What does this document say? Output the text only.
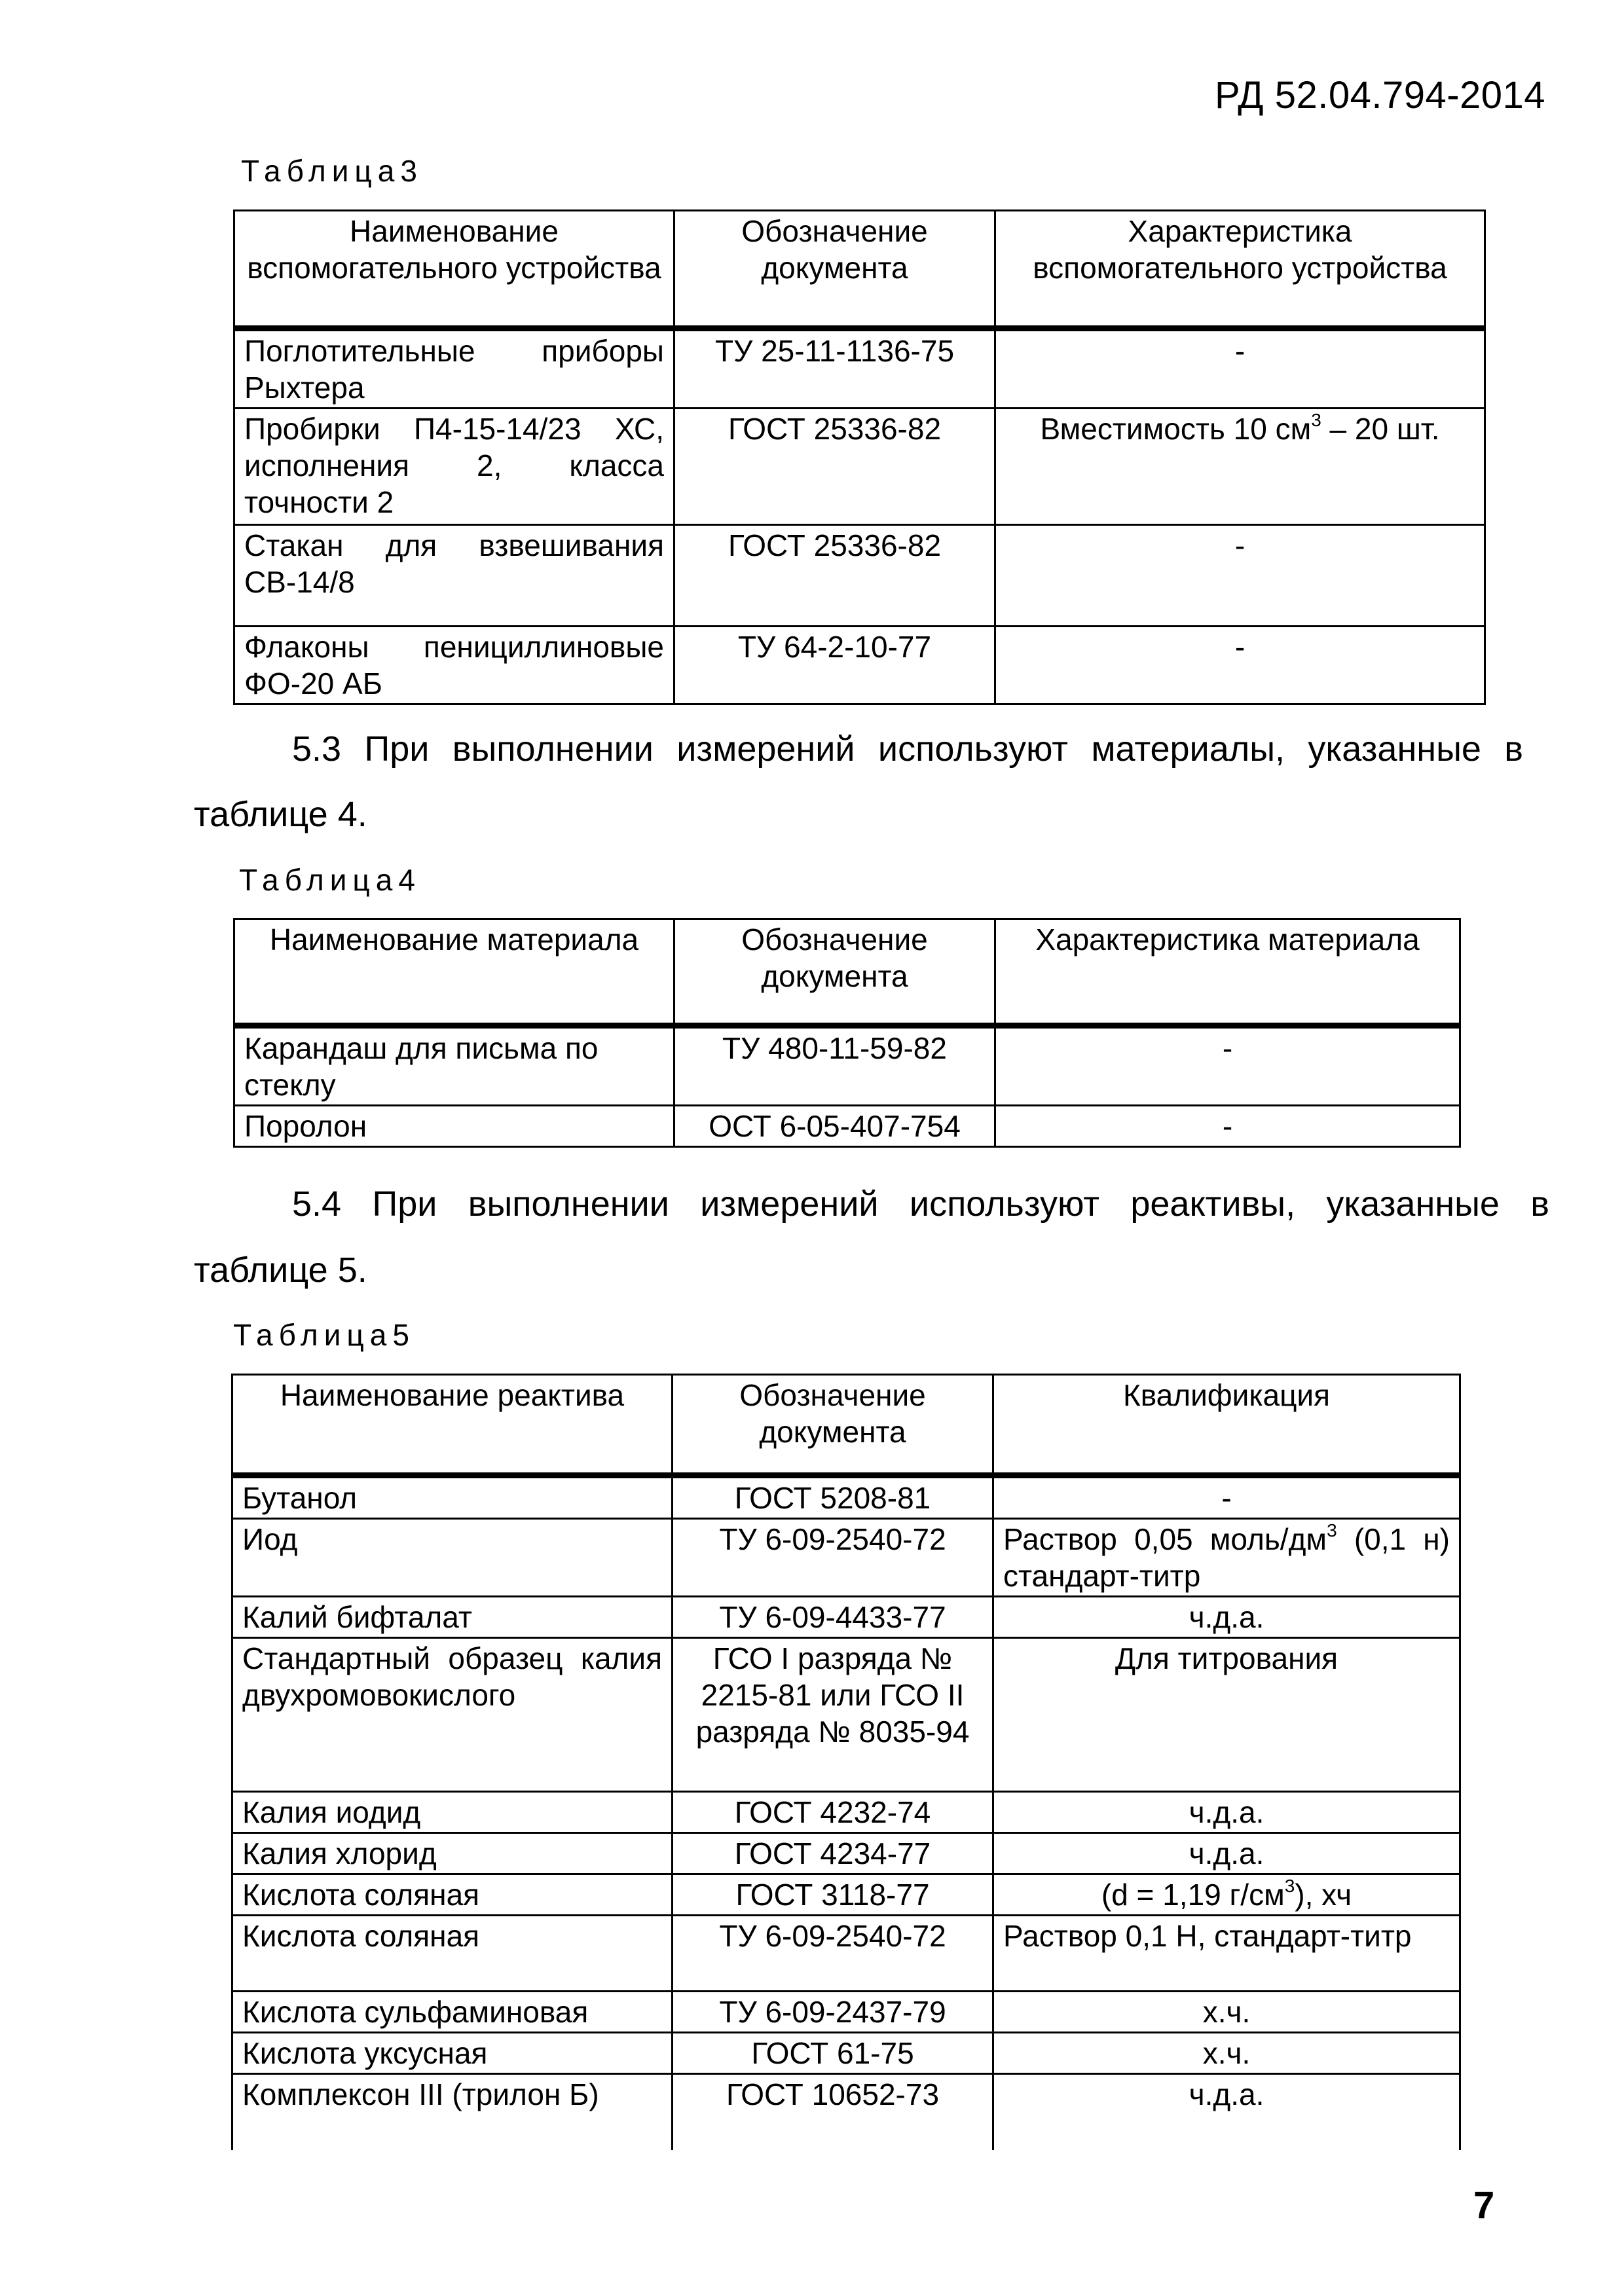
РД 52.04.794-2014
Таблица3
Наименование вспомогательного устройства	Обозначение документа	Характеристика вспомогательного устройства
Поглотительные приборы Рыхтера	ТУ 25-11-1136-75	-
Пробирки П4-15-14/23 ХС, исполнения 2, класса точности 2	ГОСТ 25336-82	Вместимость 10 $см^3 - 20$ шт.
Стакан для взвешивания СВ-14/8	ГОСТ 25336-82	-
Флаконы пенициллиновые ФО-20 АБ	ТУ 64-2-10-77	-
5.3 При выполнении измерений используют материалы, указанные в
таблице 4.
Таблица4
Наименование материала	Обозначение документа	Характеристика материала
Карандаш для письма по стеклу	ТУ 480-11-59-82	-
Поролон	ОСТ 6-05-407-754	-
5.4 При выполнении измерений используют реактивы, указанные в
таблице 5.
Таблица5
Наименование реактива	Обозначение документа	Квалификация
Бутанол	ГОСТ 5208-81	-
Иод	ТУ 6-09-2540-72	Раствор 0,05 моль/$дм^3$ (0,1 н) стандарт-титр
Калий бифталат	ТУ 6-09-4433-77	ч.д.а.
Стандартный образец калия двухромовокислого	ГСО I разряда № 2215-81 или ГСО II разряда № 8035-94	Для титрования
Калия иодид	ГОСТ 4232-74	ч.д.а.
Калия хлорид	ГОСТ 4234-77	ч.д.а.
Кислота соляная	ГОСТ 3118-77	(d = 1,19 $г/см^3$), хч
Кислота соляная	ТУ 6-09-2540-72	Раствор 0,1 Н, стандарт-титр
Кислота сульфаминовая	ТУ 6-09-2437-79	х.ч.
Кислота уксусная	ГОСТ 61-75	х.ч.
Комплексон III (трилон Б)	ГОСТ 10652-73	ч.д.а.
7
